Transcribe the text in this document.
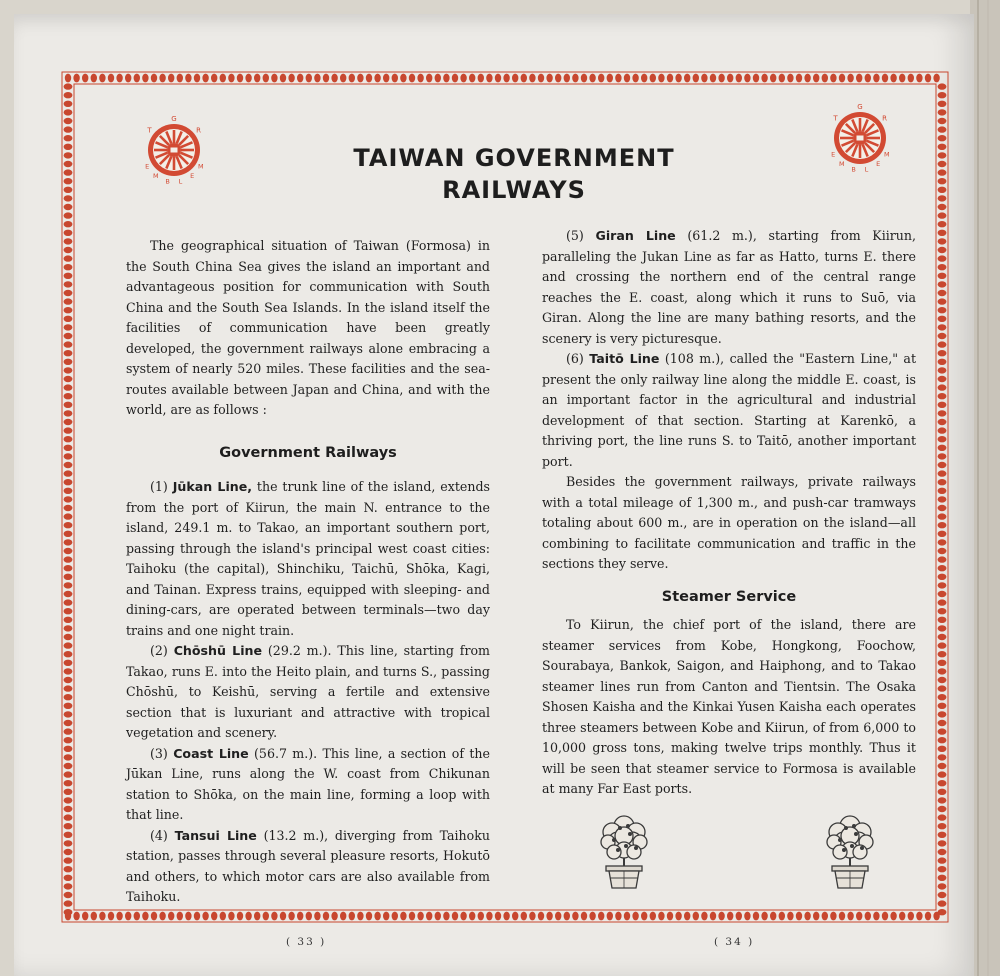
T
G
R
E
M
B L
E
M
T
G
R
E
M
B L
E
M
TAIWAN GOVERNMENT
RAILWAYS

The geographical situation of Taiwan (Formosa) in the South China Sea gives the island an important and advantageous position for communication with South China and the South Sea Islands. In the island itself the facilities of communication have been greatly developed, the government railways alone embracing a system of nearly 520 miles. These facilities and the sea-routes available between Japan and China, and with the world, are as follows :

Government Railways

(1) Jūkan Line, the trunk line of the island, extends from the port of Kiirun, the main N. entrance to the island, 249.1 m. to Takao, an important southern port, passing through the island's principal west coast cities: Taihoku (the capital), Shinchiku, Taichū, Shōka, Kagi, and Tainan. Express trains, equipped with sleeping- and dining-cars, are operated between terminals—two day trains and one night train.

(2) Chōshū Line (29.2 m.). This line, starting from Takao, runs E. into the Heito plain, and turns S., passing Chōshū, to Keishū, serving a fertile and extensive section that is luxuriant and attractive with tropical vegetation and scenery.

(3) Coast Line (56.7 m.). This line, a section of the Jūkan Line, runs along the W. coast from Chikunan station to Shōka, on the main line, forming a loop with that line.

(4) Tansui Line (13.2 m.), diverging from Taihoku station, passes through several pleasure resorts, Hokutō and others, to which motor cars are also available from Taihoku.

(5) Giran Line (61.2 m.), starting from Kiirun, paralleling the Jukan Line as far as Hatto, turns E. there and crossing the northern end of the central range reaches the E. coast, along which it runs to Suō, via Giran. Along the line are many bathing resorts, and the scenery is very picturesque.

(6) Taitō Line (108 m.), called the "Eastern Line," at present the only railway line along the middle E. coast, is an important factor in the agricultural and industrial development of that section. Starting at Karenkō, a thriving port, the line runs S. to Taitō, another important port.

Besides the government railways, private railways with a total mileage of 1,300 m., and push-car tramways totaling about 600 m., are in operation on the island—all combining to facilitate communication and traffic in the sections they serve.

Steamer Service

To Kiirun, the chief port of the island, there are steamer services from Kobe, Hongkong, Foochow, Sourabaya, Bankok, Saigon, and Haiphong, and to Takao steamer lines run from Canton and Tientsin. The Osaka Shosen Kaisha and the Kinkai Yusen Kaisha each operates three steamers between Kobe and Kiirun, of from 6,000 to 10,000 gross tons, making twelve trips monthly. Thus it will be seen that steamer service to Formosa is available at many Far East ports.

( 33 )	( 34 )
